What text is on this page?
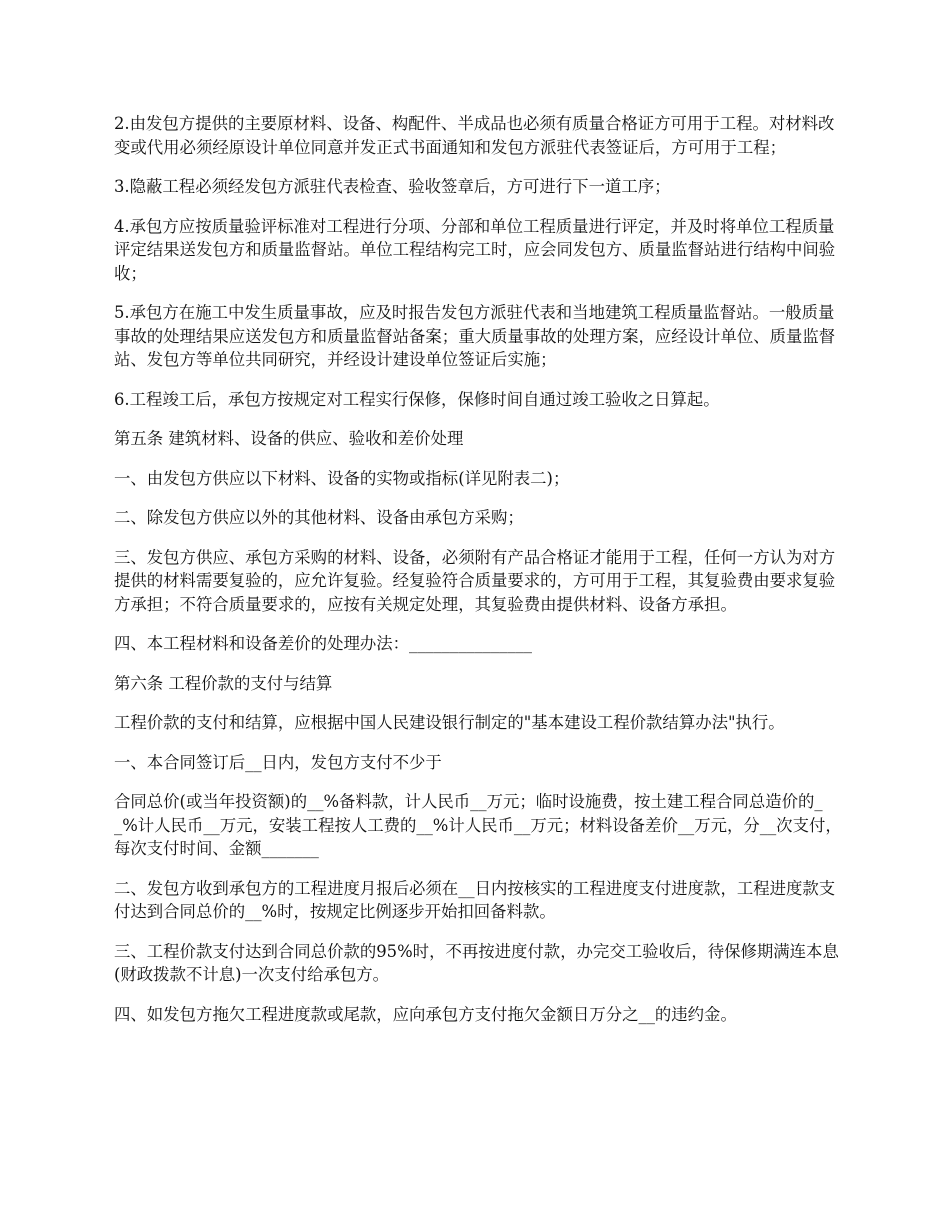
2.由发包方提供的主要原材料、设备、构配件、半成品也必须有质量合格证方可用于工程。对材料改变或代用必须经原设计单位同意并发正式书面通知和发包方派驻代表签证后，方可用于工程；

3.隐蔽工程必须经发包方派驻代表检查、验收签章后，方可进行下一道工序；

4.承包方应按质量验评标准对工程进行分项、分部和单位工程质量进行评定，并及时将单位工程质量评定结果送发包方和质量监督站。单位工程结构完工时，应会同发包方、质量监督站进行结构中间验收；

5.承包方在施工中发生质量事故，应及时报告发包方派驻代表和当地建筑工程质量监督站。一般质量事故的处理结果应送发包方和质量监督站备案；重大质量事故的处理方案，应经设计单位、质量监督站、发包方等单位共同研究，并经设计建设单位签证后实施；

6.工程竣工后，承包方按规定对工程实行保修，保修时间自通过竣工验收之日算起。

第五条 建筑材料、设备的供应、验收和差价处理

一、由发包方供应以下材料、设备的实物或指标(详见附表二)；

二、除发包方供应以外的其他材料、设备由承包方采购；

三、发包方供应、承包方采购的材料、设备，必须附有产品合格证才能用于工程，任何一方认为对方提供的材料需要复验的，应允许复验。经复验符合质量要求的，方可用于工程，其复验费由要求复验方承担；不符合质量要求的，应按有关规定处理，其复验费由提供材料、设备方承担。

四、本工程材料和设备差价的处理办法：_______________

第六条 工程价款的支付与结算

工程价款的支付和结算，应根据中国人民建设银行制定的"基本建设工程价款结算办法"执行。

一、本合同签订后__日内，发包方支付不少于

合同总价(或当年投资额)的__%备料款，计人民币__万元；临时设施费，按土建工程合同总造价的__%计人民币__万元，安装工程按人工费的__%计人民币__万元；材料设备差价__万元，分__次支付，每次支付时间、金额_______

二、发包方收到承包方的工程进度月报后必须在__日内按核实的工程进度支付进度款，工程进度款支付达到合同总价的__%时，按规定比例逐步开始扣回备料款。

三、工程价款支付达到合同总价款的95%时，不再按进度付款，办完交工验收后，待保修期满连本息(财政拨款不计息)一次支付给承包方。

四、如发包方拖欠工程进度款或尾款，应向承包方支付拖欠金额日万分之__的违约金。
